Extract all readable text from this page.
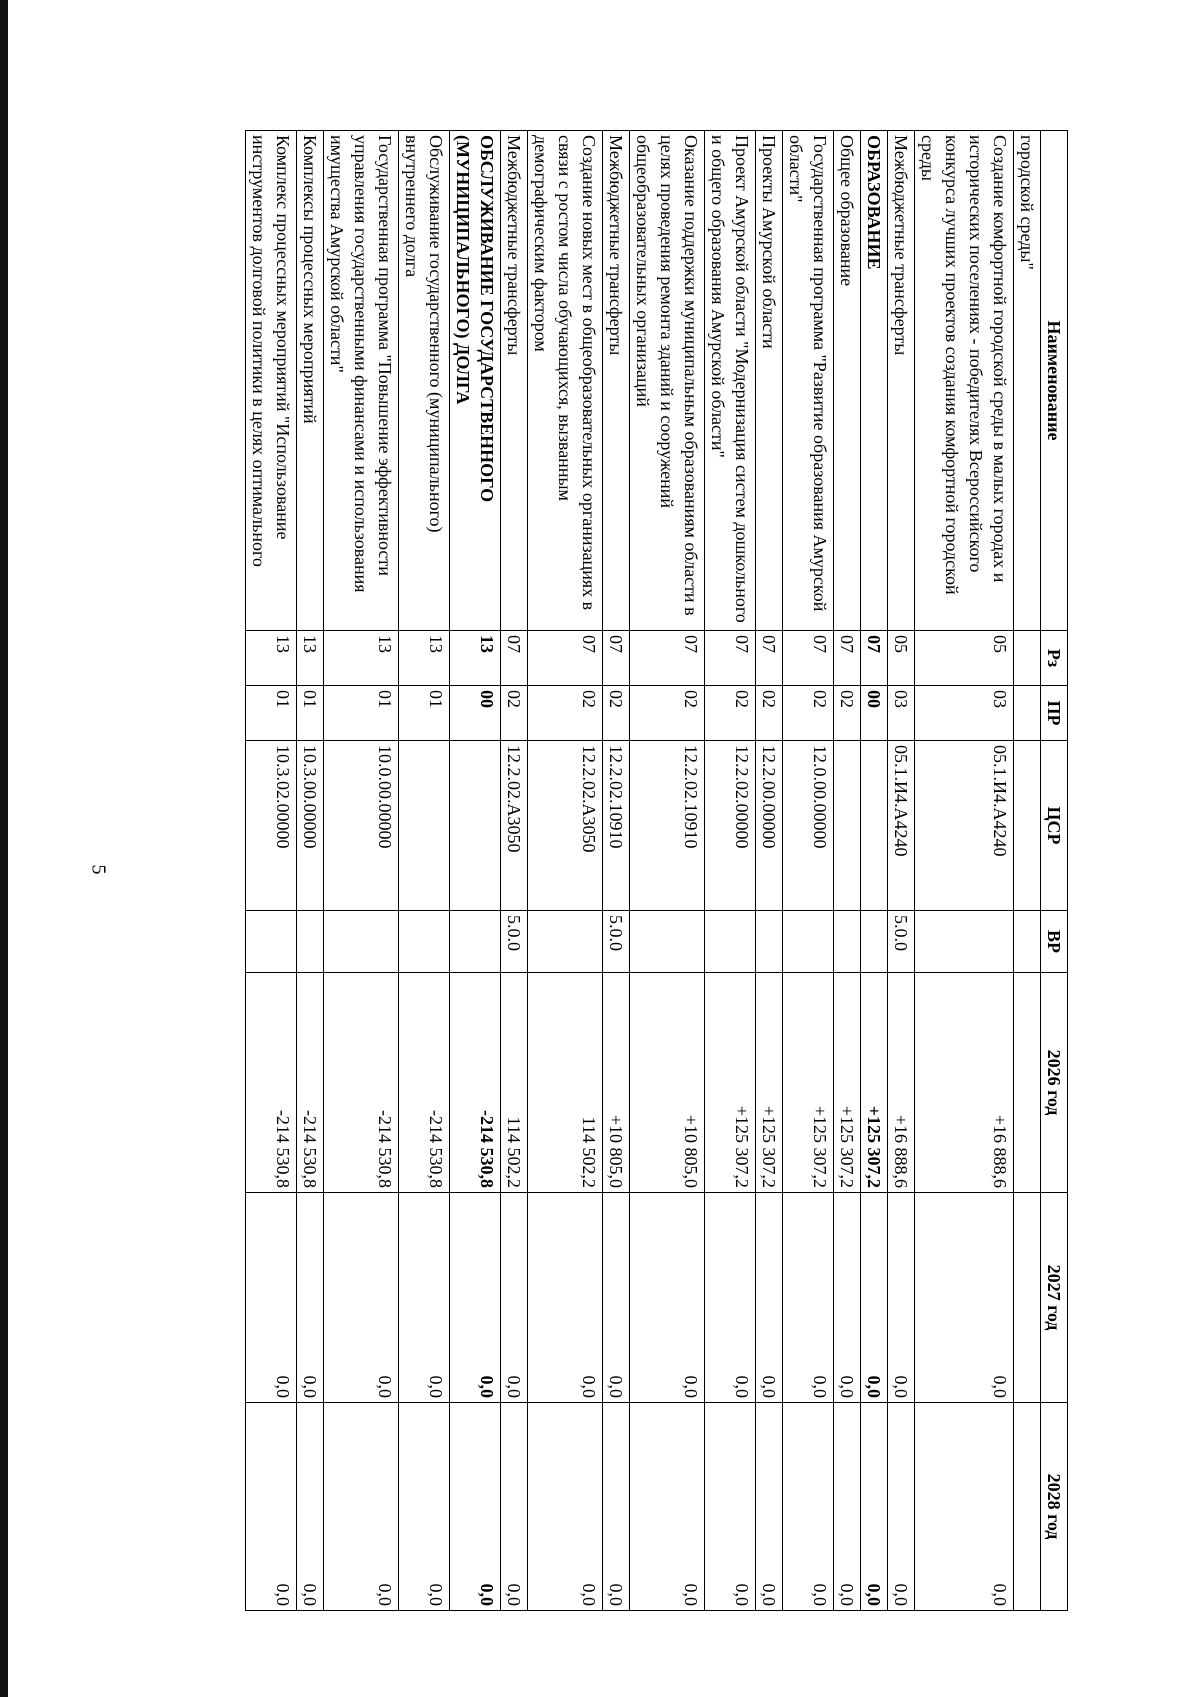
5
Наименование	Рз	ПР	ЦСР	ВР	2026 год	2027 год	2028 год
городской среды"							
Создание комфортной городской среды в малых городах и исторических поселениях - победителях Всероссийского конкурса лучших проектов создания комфортной городской среды	05	03	05.1.И4.А4240		+16 888,6	0,0	0,0
Межбюджетные трансферты	05	03	05.1.И4.А4240	5.0.0	+16 888,6	0,0	0,0
ОБРАЗОВАНИЕ	07	00			+125 307,2	0,0	0,0
Общее образование	07	02			+125 307,2	0,0	0,0
Государственная программа "Развитие образования Амурской области"	07	02	12.0.00.00000		+125 307,2	0,0	0,0
Проекты Амурской области	07	02	12.2.00.00000		+125 307,2	0,0	0,0
Проект Амурской области "Модернизация систем дошкольного и общего образования Амурской области"	07	02	12.2.02.00000		+125 307,2	0,0	0,0
Оказание поддержки муниципальным образованиям области в целях проведения ремонта зданий и сооружений общеобразовательных организаций	07	02	12.2.02.10910		+10 805,0	0,0	0,0
Межбюджетные трансферты	07	02	12.2.02.10910	5.0.0	+10 805,0	0,0	0,0
Создание новых мест в общеобразовательных организациях в связи с ростом числа обучающихся, вызванным демографическим фактором	07	02	12.2.02.А3050		114 502,2	0,0	0,0
Межбюджетные трансферты	07	02	12.2.02.А3050	5.0.0	114 502,2	0,0	0,0
ОБСЛУЖИВАНИЕ ГОСУДАРСТВЕННОГО (МУНИЦИПАЛЬНОГО) ДОЛГА	13	00			-214 530,8	0,0	0,0
Обслуживание государственного (муниципального) внутреннего долга	13	01			-214 530,8	0,0	0,0
Государственная программа "Повышение эффективности управления государственными финансами и использования имущества Амурской области"	13	01	10.0.00.00000		-214 530,8	0,0	0,0
Комплексы процессных мероприятий	13	01	10.3.00.00000		-214 530,8	0,0	0,0
Комплекс процессных мероприятий "Использование инструментов долговой политики в целях оптимального	13	01	10.3.02.00000		-214 530,8	0,0	0,0
